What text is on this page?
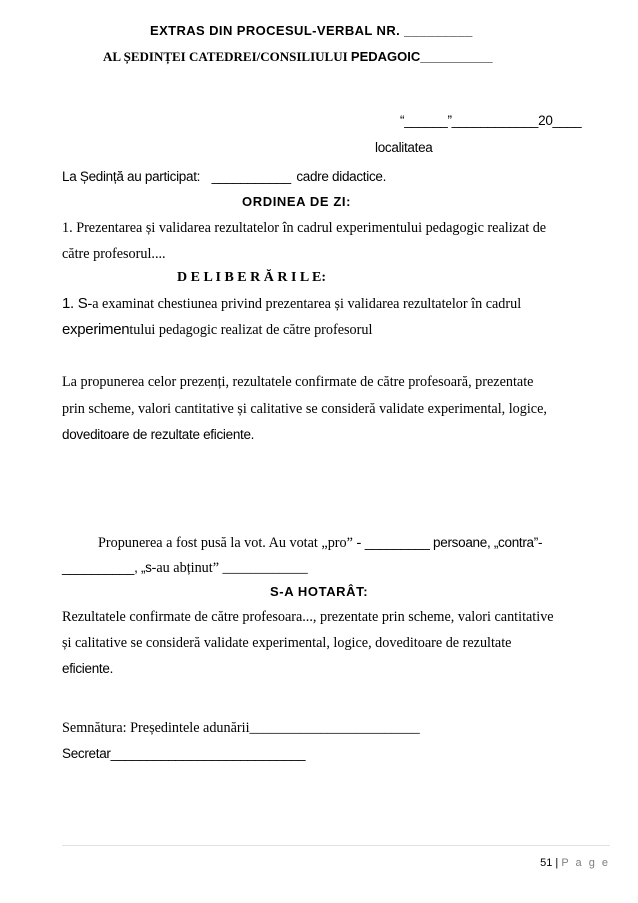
EXTRAS DIN PROCESUL-VERBAL NR. _________
AL ȘEDINȚEI CATEDREI/CONSILIULUI PEDAGOIC__________
“______”____________20____
localitatea
La Ședință au participat: ___________ cadre didactice.
ORDINEA DE ZI:
1. Prezentarea și validarea rezultatelor în cadrul experimentului pedagogic realizat de
către profesorul....
D E L I B E R Ă R I L E:
1. S-a examinat chestiunea privind prezentarea și validarea rezultatelor în cadrul
experimentului pedagogic realizat de către profesorul
La propunerea celor prezenți, rezultatele confirmate de către profesoară, prezentate
prin scheme, valori cantitative și calitative se consideră validate experimental, logice,
doveditoare de rezultate eficiente.
Propunerea a fost pusă la vot. Au votat „pro” - _________ persoane, „contra”-
__________, „s-au abținut” ____________
S-A HOTARÂT:
Rezultatele confirmate de către profesoara..., prezentate prin scheme, valori cantitative
și calitative se consideră validate experimental, logice, doveditoare de rezultate
eficiente.
Semnătura: Președintele adunării________________________
Secretar___________________________
51 | P a g e
